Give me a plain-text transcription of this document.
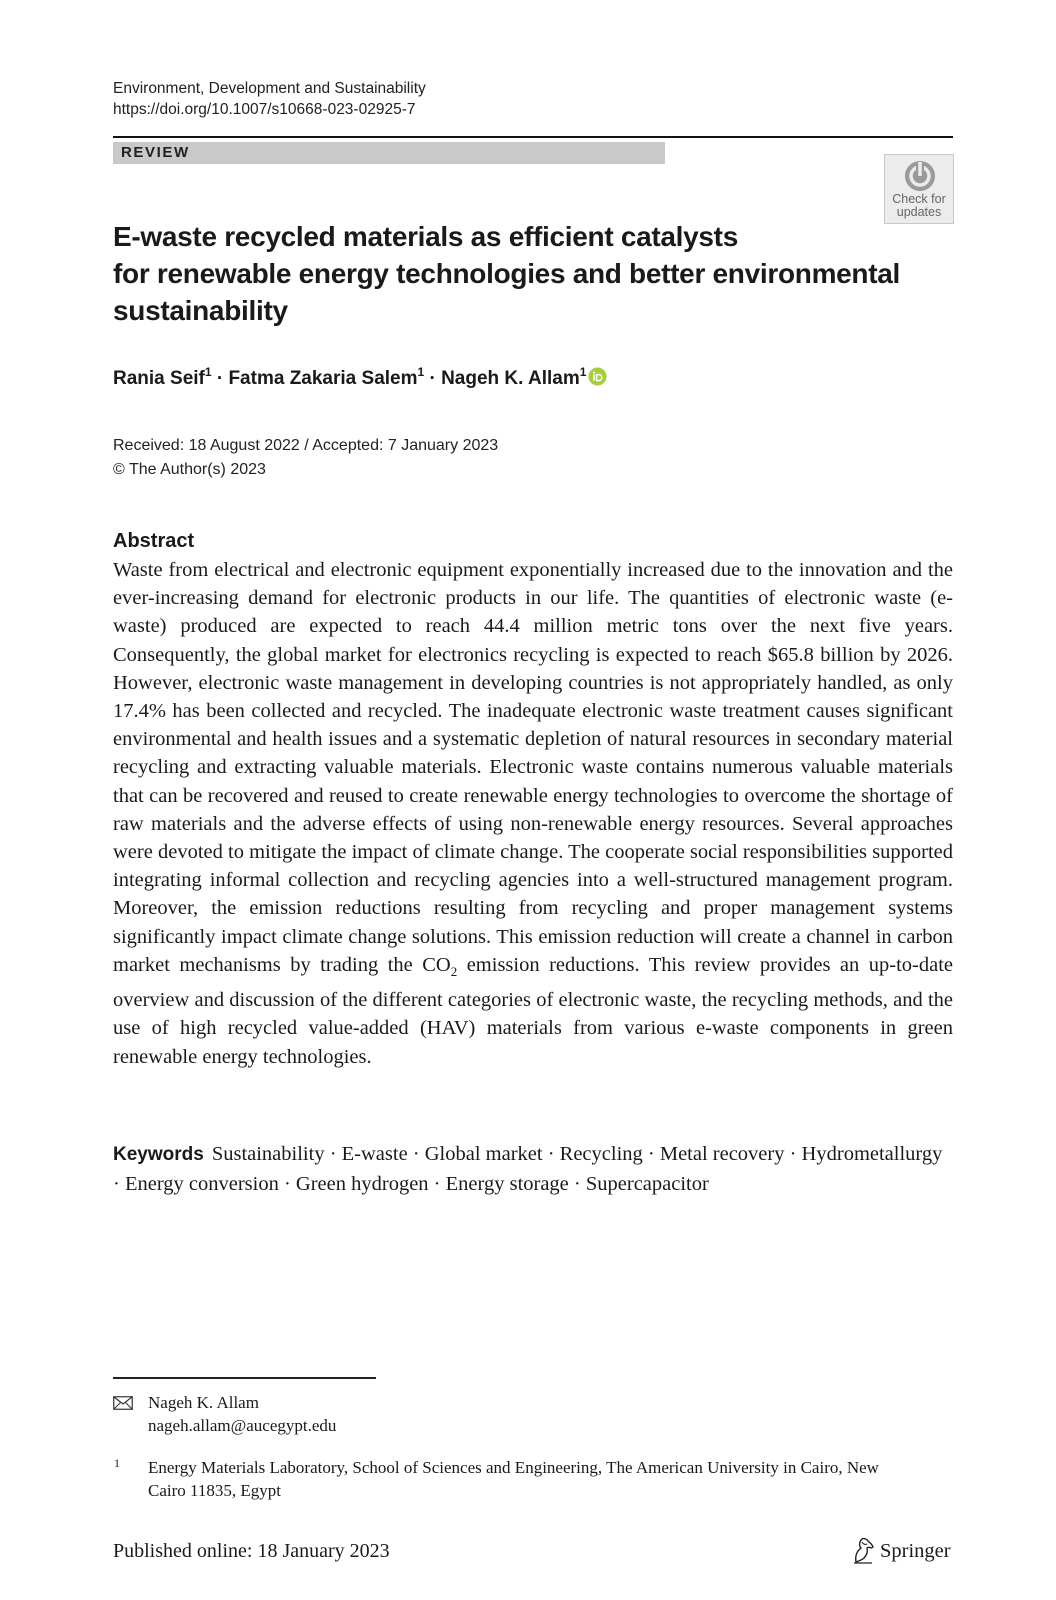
Environment, Development and Sustainability
https://doi.org/10.1007/s10668-023-02925-7
REVIEW
Check for
updates
E-waste recycled materials as efficient catalysts
for renewable energy technologies and better environmental
sustainability
Rania Seif$^1$ · Fatma Zakaria Salem$^1$ · Nageh K. Allam$^1$
Received: 18 August 2022 / Accepted: 7 January 2023
© The Author(s) 2023
Abstract

Waste from electrical and electronic equipment exponentially increased due to the innovation and the ever-increasing demand for electronic products in our life. The quantities of electronic waste (e-waste) produced are expected to reach 44.4 million metric tons over the next five years. Consequently, the global market for electronics recycling is expected to reach $65.8 billion by 2026. However, electronic waste management in developing countries is not appropriately handled, as only 17.4% has been collected and recycled. The inadequate electronic waste treatment causes significant environmental and health issues and a systematic depletion of natural resources in secondary material recycling and extracting valuable materials. Electronic waste contains numerous valuable materials that can be recovered and reused to create renewable energy technologies to overcome the shortage of raw materials and the adverse effects of using non-renewable energy resources. Several approaches were devoted to mitigate the impact of climate change. The cooperate social responsibilities supported integrating informal collection and recycling agencies into a well-structured management program. Moreover, the emission reductions resulting from recycling and proper management systems significantly impact climate change solutions. This emission reduction will create a channel in carbon market mechanisms by trading the $CO_2$ emission reductions. This review provides an up-to-date overview and discussion of the different categories of electronic waste, the recycling methods, and the use of high recycled value-added (HAV) materials from various e-waste components in green renewable energy technologies.

Keywords Sustainability · E-waste · Global market · Recycling · Metal recovery · Hydrometallurgy · Energy conversion · Green hydrogen · Energy storage · Supercapacitor
Nageh K. Allam
nageh.allam@aucegypt.edu
1 Energy Materials Laboratory, School of Sciences and Engineering, The American University in Cairo, New Cairo 11835, Egypt
Published online: 18 January 2023	Springer
